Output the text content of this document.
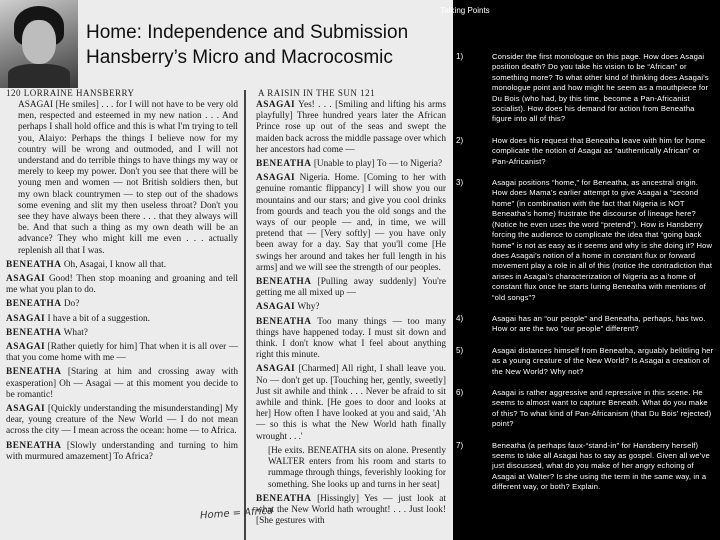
Home: Independence and Submission
Hansberry’s Micro and Macrocosmic
120 LORRAINE HANSBERRY	A RAISIN IN THE SUN 121

ASAGAI [He smiles] . . . for I will not have to be very old men, respected and esteemed in my new nation . . . And perhaps I shall hold office and this is what I'm trying to tell you, Alaiyo: Perhaps the things I believe now for my country will be wrong and outmoded, and I will not understand and do terrible things to have things my way or merely to keep my power. Don't you see that there will be young men and women — not British soldiers then, but my own black countrymen — to step out of the shadows some evening and slit my then useless throat? Don't you see they have always been there . . . that they always will be. And that such a thing as my own death will be an advance? They who might kill me even . . . actually replenish all that I was.

BENEATHA Oh, Asagai, I know all that.

ASAGAI Good! Then stop moaning and groaning and tell me what you plan to do.

BENEATHA Do?

ASAGAI I have a bit of a suggestion.

BENEATHA What?

ASAGAI [Rather quietly for him] That when it is all over — that you come home with me —

BENEATHA [Staring at him and crossing away with exasperation] Oh — Asagai — at this moment you decide to be romantic!

ASAGAI [Quickly understanding the misunderstanding] My dear, young creature of the New World — I do not mean across the city — I mean across the ocean: home — to Africa.

BENEATHA [Slowly understanding and turning to him with murmured amazement] To Africa?

ASAGAI Yes! . . . [Smiling and lifting his arms playfully] Three hundred years later the African Prince rose up out of the seas and swept the maiden back across the middle passage over which her ancestors had come —

BENEATHA [Unable to play] To — to Nigeria?

ASAGAI Nigeria. Home. [Coming to her with genuine romantic flippancy] I will show you our mountains and our stars; and give you cool drinks from gourds and teach you the old songs and the ways of our people — and, in time, we will pretend that — [Very softly] — you have only been away for a day. Say that you'll come [He swings her around and takes her full length in his arms] and we will see the strength of our peoples.

BENEATHA [Pulling away suddenly] You're getting me all mixed up —

ASAGAI Why?

BENEATHA Too many things — too many things have happened today. I must sit down and think. I don't know what I feel about anything right this minute.

ASAGAI [Charmed] All right, I shall leave you. No — don't get up. [Touching her, gently, sweetly] Just sit awhile and think . . . Never be afraid to sit awhile and think. [He goes to door and looks at her] How often I have looked at you and said, 'Ah — so this is what the New World hath finally wrought . . .'

[He exits. BENEATHA sits on alone. Presently WALTER enters from his room and starts to rummage through things, feverishly looking for something. She looks up and turns in her seat]

BENEATHA [Hissingly] Yes — just look at what the New World hath wrought! . . . Just look! [She gestures with

Home = Africa
Talking Points
1)	Consider the first monologue on this page. How does Asagai position death? Do you take his vision to be “African” or something more? To what other kind of thinking does Asagai’s monologue point and how might he seem as a mouthpiece for Du Bois (who had, by this time, become a Pan-Africanist socialist). How does his demand for action from Beneatha figure into all of this?
2)	How does his request that Beneatha leave with him for home complicate the notion of Asagai as “authentically African” or Pan-Africanist?
3)	Asagai positions “home,” for Beneatha, as ancestral origin. How does Mama’s earlier attempt to give Asagai a “second home” (in combination with the fact that Nigeria is NOT Beneatha’s home) frustrate the discourse of lineage here? (Notice he even uses the word “pretend”). How is Hansberry forcing the audience to complicate the idea that “going back home” is not as easy as it seems and why is she doing it? How does Asagai’s notion of a home in constant flux or forward movement play a role in all of this (notice the contradiction that arises in Asagai’s characterization of Nigeria as a home of constant flux once he starts luring Beneatha with mentions of “old songs”?
4)	Asagai has an “our people” and Beneatha, perhaps, has two. How or are the two “our people” different?
5)	Asagai distances himself from Beneatha, arguably belittling her as a young creature of the New World? Is Asagai a creation of the New World? Why not?
6)	Asagai is rather aggressive and repressive in this scene. He seems to almost want to capture Beneath. What do you make of this? To what kind of Pan-Africanism (that Du Bois’ rejected) point?
7)	Beneatha (a perhaps faux-“stand-in” for Hansberry herself) seems to take all Asagai has to say as gospel. Given all we’ve just discussed, what do you make of her angry echoing of Asagai at Walter? Is she using the term in the same way, in a different way, or both? Explain.
